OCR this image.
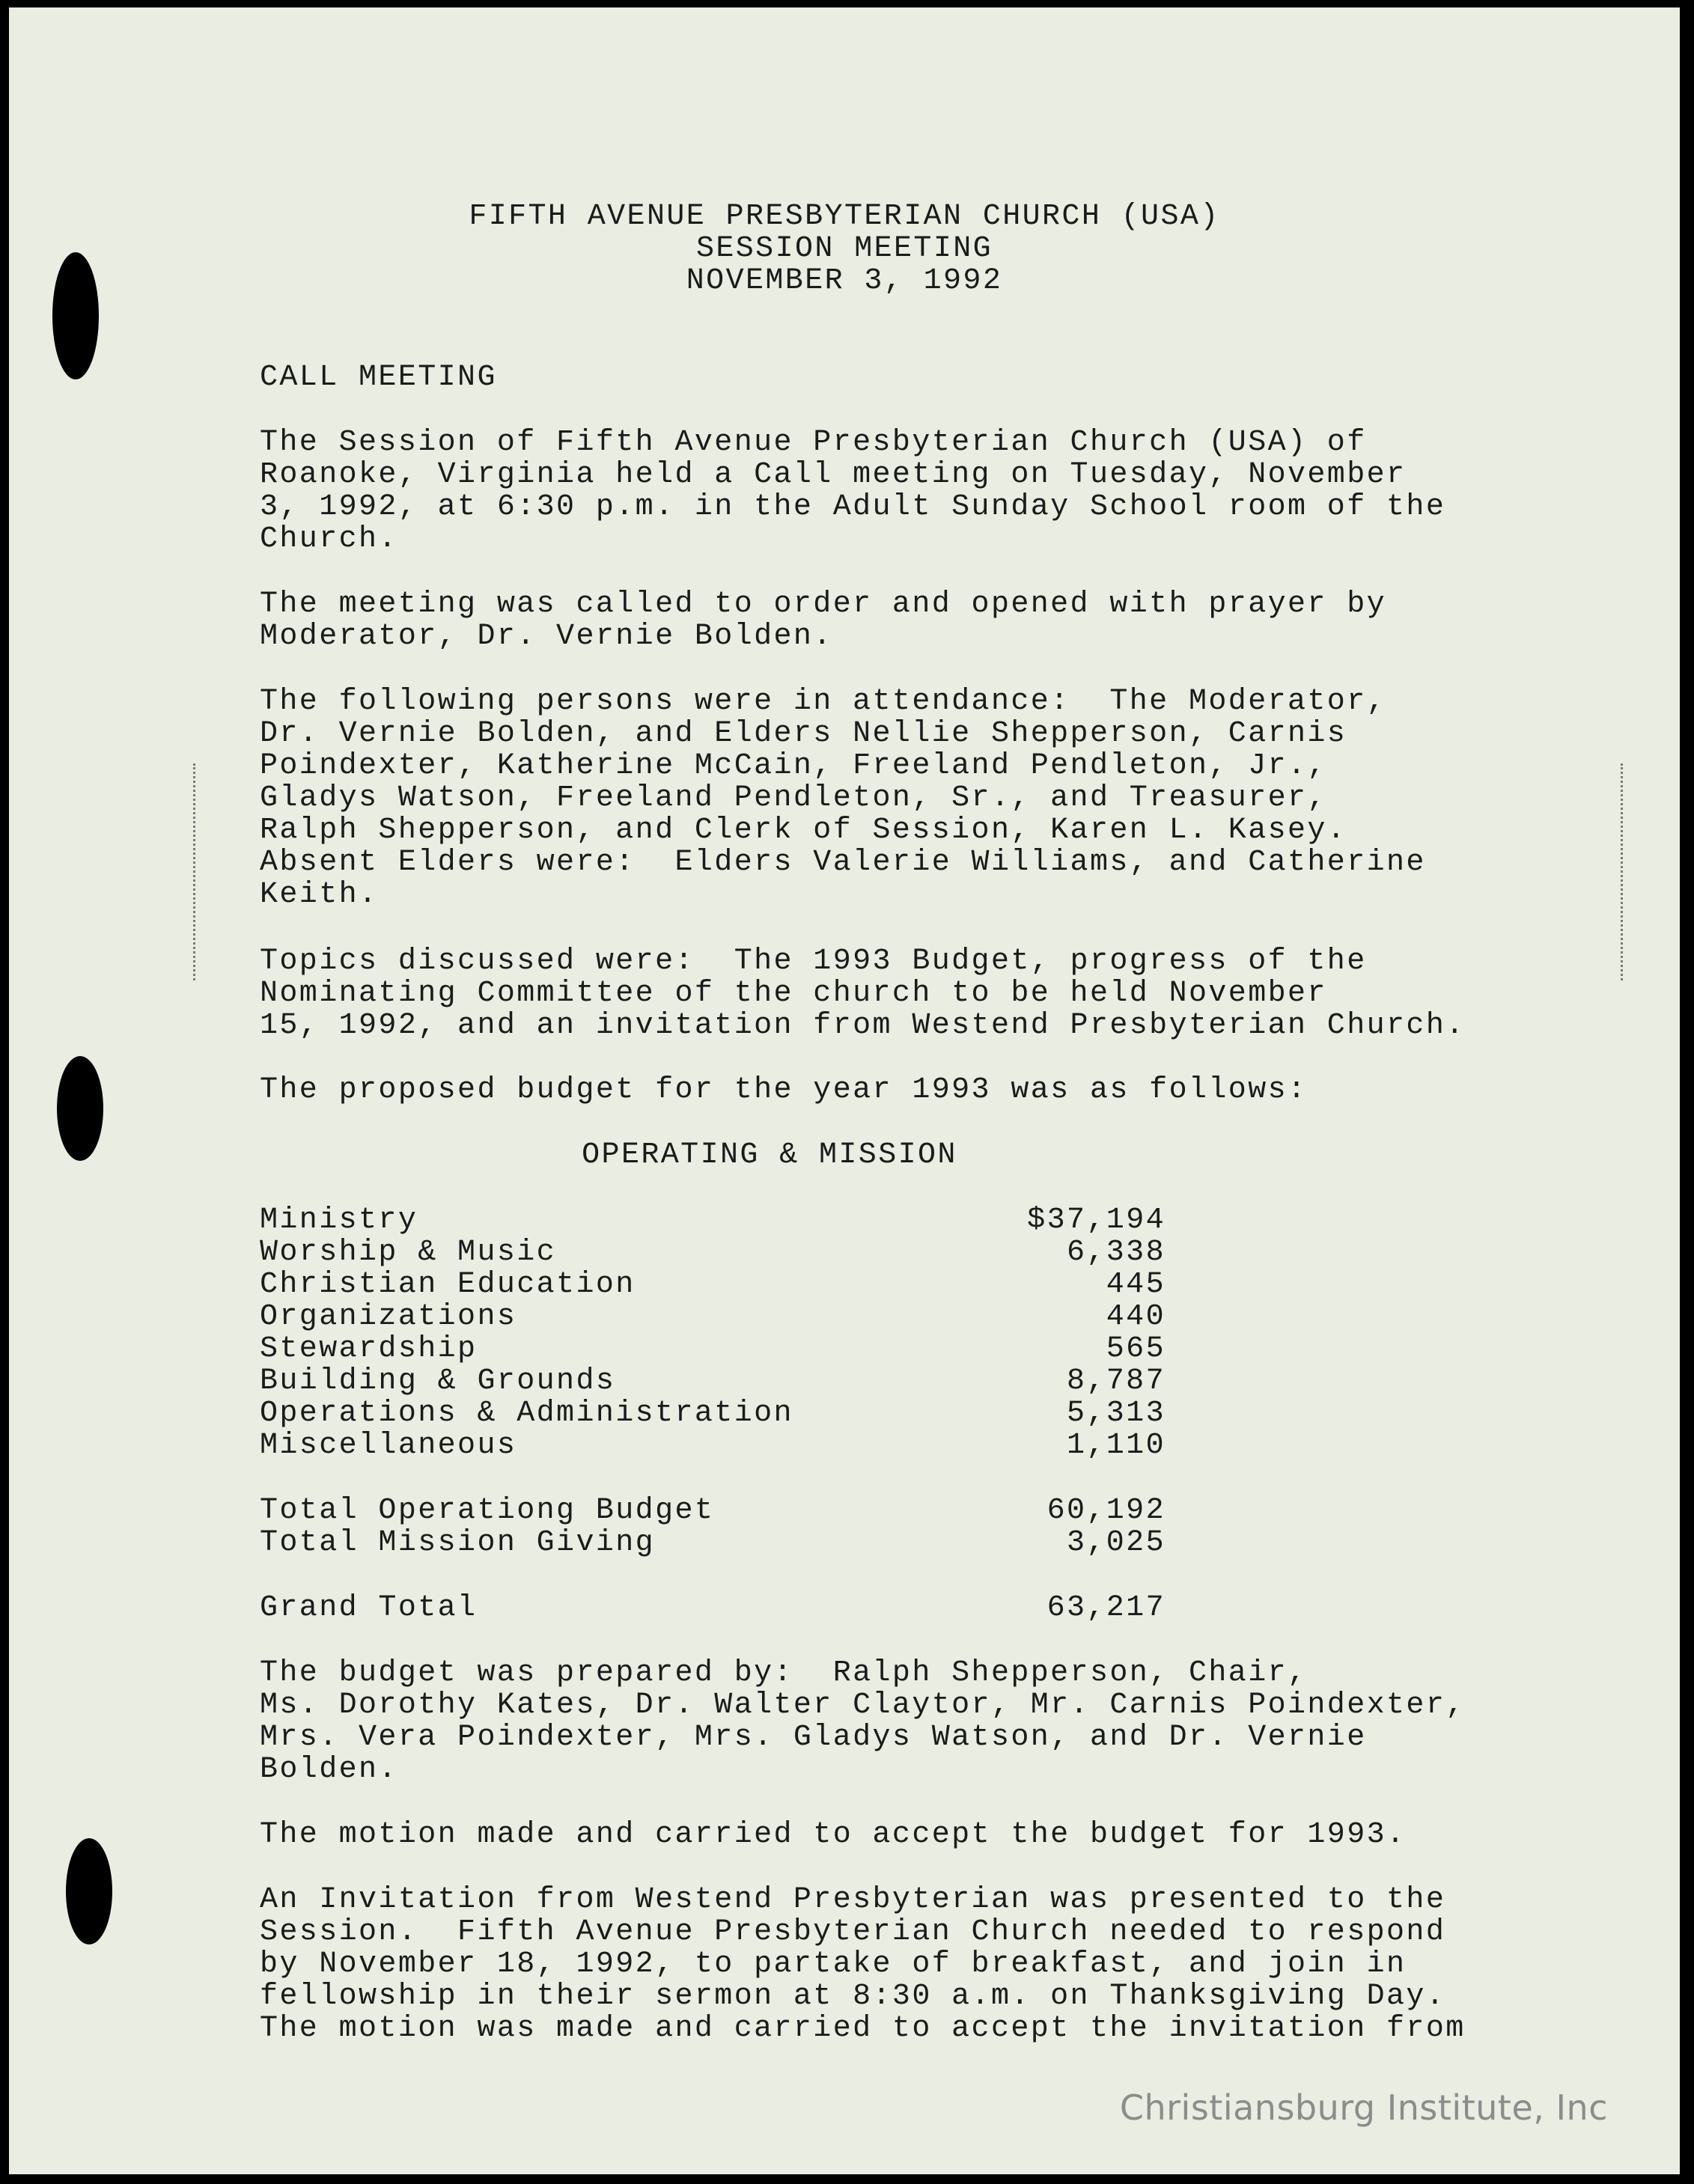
FIFTH AVENUE PRESBYTERIAN CHURCH (USA)
SESSION MEETING
NOVEMBER 3, 1992
CALL MEETING
The Session of Fifth Avenue Presbyterian Church (USA) of
Roanoke, Virginia held a Call meeting on Tuesday, November
3, 1992, at 6:30 p.m. in the Adult Sunday School room of the
Church.
The meeting was called to order and opened with prayer by
Moderator, Dr. Vernie Bolden.
The following persons were in attendance:  The Moderator,
Dr. Vernie Bolden, and Elders Nellie Shepperson, Carnis
Poindexter, Katherine McCain, Freeland Pendleton, Jr.,
Gladys Watson, Freeland Pendleton, Sr., and Treasurer,
Ralph Shepperson, and Clerk of Session, Karen L. Kasey.
Absent Elders were:  Elders Valerie Williams, and Catherine
Keith.
Topics discussed were:  The 1993 Budget, progress of the
Nominating Committee of the church to be held November
15, 1992, and an invitation from Westend Presbyterian Church.
The proposed budget for the year 1993 was as follows:
OPERATING & MISSION
Ministry	$37,194
Worship & Music	6,338
Christian Education	445
Organizations	440
Stewardship	565
Building & Grounds	8,787
Operations & Administration	5,313
Miscellaneous	1,110
Total Operationg Budget	60,192
Total Mission Giving	3,025
Grand Total	63,217
The budget was prepared by:  Ralph Shepperson, Chair,
Ms. Dorothy Kates, Dr. Walter Claytor, Mr. Carnis Poindexter,
Mrs. Vera Poindexter, Mrs. Gladys Watson, and Dr. Vernie
Bolden.
The motion made and carried to accept the budget for 1993.
An Invitation from Westend Presbyterian was presented to the
Session.  Fifth Avenue Presbyterian Church needed to respond
by November 18, 1992, to partake of breakfast, and join in
fellowship in their sermon at 8:30 a.m. on Thanksgiving Day.
The motion was made and carried to accept the invitation from
Christiansburg Institute, Inc
